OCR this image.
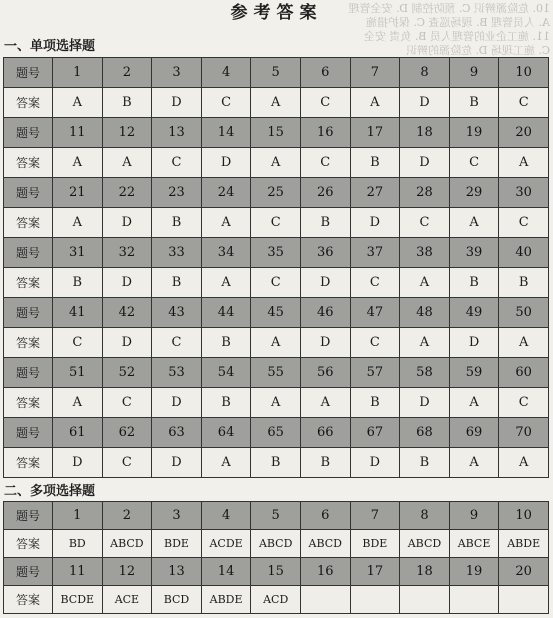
10. 危险源辨识 C. 预防控制 D. 安全管理
A. 人员管理 B. 现场巡查 C. 保护措施
11. 施工企业的管理人员 B. 负责 安全
C. 施工现场 D. 危险源的辨识
参考答案
一、单项选择题
题号	1	2	3	4	5	6	7	8	9	10
答案	A	B	D	C	A	C	A	D	B	C
题号	11	12	13	14	15	16	17	18	19	20
答案	A	A	C	D	A	C	B	D	C	A
题号	21	22	23	24	25	26	27	28	29	30
答案	A	D	B	A	C	B	D	C	A	C
题号	31	32	33	34	35	36	37	38	39	40
答案	B	D	B	A	C	D	C	A	B	B
题号	41	42	43	44	45	46	47	48	49	50
答案	C	D	C	B	A	D	C	A	D	A
题号	51	52	53	54	55	56	57	58	59	60
答案	A	C	D	B	A	A	B	D	A	C
题号	61	62	63	64	65	66	67	68	69	70
答案	D	C	D	A	B	B	D	B	A	A
二、多项选择题
题号	1	2	3	4	5	6	7	8	9	10
答案	BD	ABCD	BDE	ACDE	ABCD	ABCD	BDE	ABCD	ABCE	ABDE
题号	11	12	13	14	15	16	17	18	19	20
答案	BCDE	ACE	BCD	ABDE	ACD					
